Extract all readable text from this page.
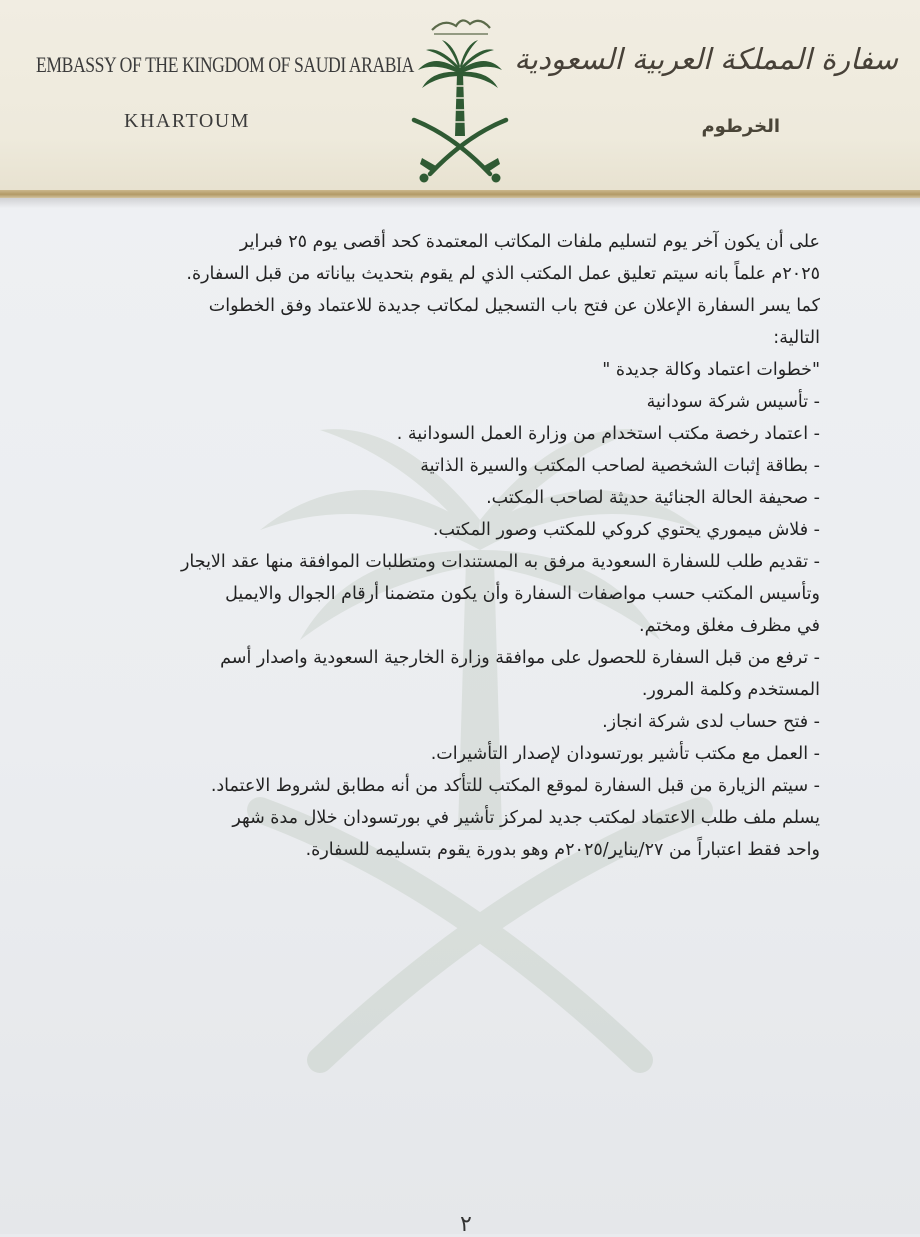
EMBASSY OF THE KINGDOM OF SAUDI ARABIA
KHARTOUM
سفارة المملكة العربية السعودية
الخرطوم

على أن يكون آخر يوم لتسليم ملفات المكاتب المعتمدة كحد أقصى يوم ٢٥ فبراير

٢٠٢٥م علماً بانه سيتم تعليق عمل المكتب الذي لم يقوم بتحديث بياناته من قبل السفارة.

كما يسر السفارة الإعلان عن فتح باب التسجيل لمكاتب جديدة للاعتماد وفق الخطوات

التالية:

"خطوات اعتماد وكالة جديدة "

- تأسيس شركة سودانية

- اعتماد رخصة مكتب استخدام من وزارة العمل السودانية .

- بطاقة إثبات الشخصية لصاحب المكتب والسيرة الذاتية

- صحيفة الحالة الجنائية حديثة لصاحب المكتب.

- فلاش ميموري يحتوي كروكي للمكتب وصور المكتب.

- تقديم طلب للسفارة السعودية مرفق به المستندات ومتطلبات الموافقة منها عقد الايجار

وتأسيس المكتب حسب مواصفات السفارة وأن يكون متضمنا أرقام الجوال والايميل

في مظرف مغلق ومختم.

- ترفع من قبل السفارة للحصول على موافقة وزارة الخارجية السعودية واصدار أسم

المستخدم وكلمة المرور.

- فتح حساب لدى شركة انجاز.

- العمل مع مكتب تأشير بورتسودان لإصدار التأشيرات.

- سيتم الزيارة من قبل السفارة لموقع المكتب للتأكد من أنه مطابق لشروط الاعتماد.

يسلم ملف طلب الاعتماد لمكتب جديد لمركز تأشير في بورتسودان خلال مدة شهر

واحد فقط اعتباراً من ٢٧/يناير/٢٠٢٥م وهو بدورة يقوم بتسليمه للسفارة.

٢
